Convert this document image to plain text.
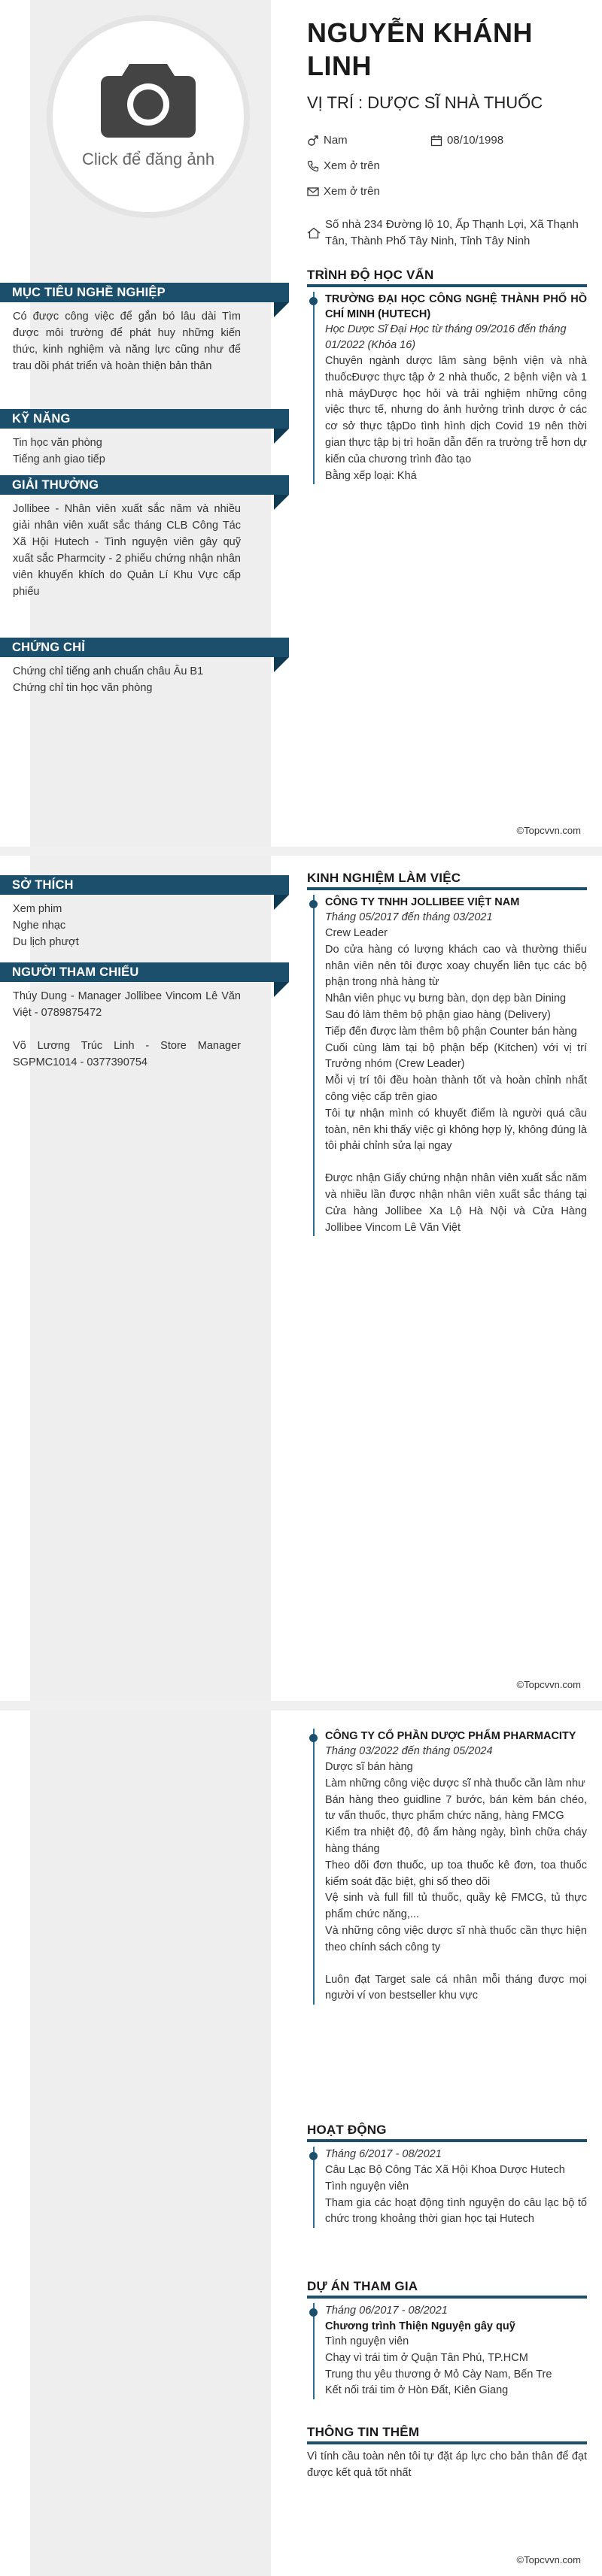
Click để đăng ảnh
NGUYỄN KHÁNH LINH
VỊ TRÍ : DƯỢC SĨ NHÀ THUỐC
Nam	08/10/1998
Xem ở trên
Xem ở trên
Số nhà 234 Đường lộ 10, Ấp Thạnh Lợi, Xã Thạnh Tân, Thành Phố Tây Ninh, Tỉnh Tây Ninh
MỤC TIÊU NGHỀ NGHIỆP

Có được công việc để gắn bó lâu dài Tìm được môi trường để phát huy những kiến thức, kinh nghiệm và năng lực cũng như để trau dồi phát triển và hoàn thiện bản thân

KỸ NĂNG

Tin học văn phòng

Tiếng anh giao tiếp

GIẢI THƯỞNG

Jollibee - Nhân viên xuất sắc năm và nhiều giải nhân viên xuất sắc tháng CLB Công Tác Xã Hội Hutech - Tình nguyện viên gây quỹ xuất sắc Pharmcity - 2 phiếu chứng nhận nhân viên khuyến khích do Quản Lí Khu Vực cấp phiếu

CHỨNG CHỈ

Chứng chỉ tiếng anh chuẩn châu Âu B1

Chứng chỉ tin học văn phòng

TRÌNH ĐỘ HỌC VẤN
TRƯỜNG ĐẠI HỌC CÔNG NGHỆ THÀNH PHỐ HỒ CHÍ MINH (HUTECH)
Học Dược Sĩ Đại Học từ tháng 09/2016 đến tháng 01/2022 (Khóa 16)

Chuyên ngành dược lâm sàng bệnh viện và nhà thuốcĐược thực tập ở 2 nhà thuốc, 2 bệnh viện và 1 nhà máyDược học hỏi và trải nghiệm những công việc thực tế, nhưng do ảnh hưởng trình dược ở các cơ sở thực tậpDo tình hình dịch Covid 19 nên thời gian thực tập bị trì hoãn dẫn đến ra trường trễ hơn dự kiến của chương trình đào tạo

Bằng xếp loại: Khá

©Topcvvn.com
SỞ THÍCH

Xem phim

Nghe nhạc

Du lịch phượt

NGƯỜI THAM CHIẾU

Thúy Dung - Manager Jollibee Vincom Lê Văn Việt - 0789875472

Võ Lương Trúc Linh - Store Manager SGPMC1014 - 0377390754

KINH NGHIỆM LÀM VIỆC
CÔNG TY TNHH JOLLIBEE VIỆT NAM
Tháng 05/2017 đến tháng 03/2021

Crew Leader

Do cửa hàng có lượng khách cao và thường thiếu nhân viên nên tôi được xoay chuyển liên tục các bộ phận trong nhà hàng từ

Nhân viên phục vụ bưng bàn, dọn dẹp bàn Dining

Sau đó làm thêm bộ phận giao hàng (Delivery)

Tiếp đến được làm thêm bộ phận Counter bán hàng

Cuối cùng làm tại bộ phận bếp (Kitchen) với vị trí Trưởng nhóm (Crew Leader)

Mỗi vị trí tôi đều hoàn thành tốt và hoàn chỉnh nhất công việc cấp trên giao

Tôi tự nhận mình có khuyết điểm là người quá cầu toàn, nên khi thấy việc gì không hợp lý, không đúng là tôi phải chỉnh sửa lại ngay

Được nhận Giấy chứng nhận nhân viên xuất sắc năm và nhiều lần được nhận nhân viên xuất sắc tháng tại Cửa hàng Jollibee Xa Lộ Hà Nội và Cửa Hàng Jollibee Vincom Lê Văn Việt

©Topcvvn.com
CÔNG TY CỔ PHẦN DƯỢC PHẨM PHARMACITY
Tháng 03/2022 đến tháng 05/2024

Dược sĩ bán hàng

Làm những công việc dược sĩ nhà thuốc cần làm như

Bán hàng theo guidline 7 bước, bán kèm bán chéo, tư vấn thuốc, thực phẩm chức năng, hàng FMCG

Kiểm tra nhiệt độ, độ ẩm hàng ngày, bình chữa cháy hàng tháng

Theo dõi đơn thuốc, up toa thuốc kê đơn, toa thuốc kiểm soát đặc biệt, ghi số theo dõi

Vệ sinh và full fill tủ thuốc, quầy kệ FMCG, tủ thực phẩm chức năng,...

Và những công việc dược sĩ nhà thuốc cần thực hiện theo chính sách công ty

Luôn đạt Target sale cá nhân mỗi tháng được mọi người ví von bestseller khu vực

HOẠT ĐỘNG
Tháng 6/2017 - 08/2021

Câu Lạc Bộ Công Tác Xã Hội Khoa Dược Hutech

Tình nguyện viên

Tham gia các hoạt động tình nguyện do câu lạc bộ tổ chức trong khoảng thời gian học tại Hutech

DỰ ÁN THAM GIA
Tháng 06/2017 - 08/2021
Chương trình Thiện Nguyện gây quỹ

Tình nguyện viên

Chạy vì trái tim ở Quận Tân Phú, TP.HCM

Trung thu yêu thương ở Mỏ Cày Nam, Bến Tre

Kết nối trái tim ở Hòn Đất, Kiên Giang

THÔNG TIN THÊM

Vì tính cầu toàn nên tôi tự đặt áp lực cho bản thân để đạt được kết quả tốt nhất

©Topcvvn.com
